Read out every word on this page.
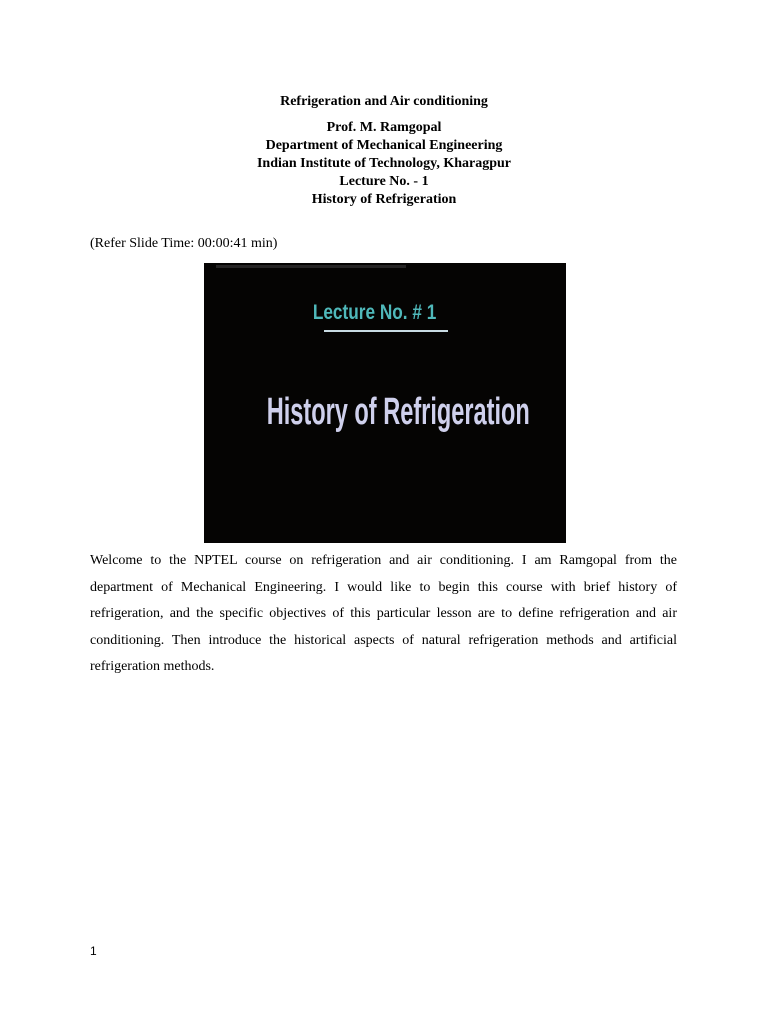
Refrigeration and Air conditioning
Prof. M. Ramgopal
Department of Mechanical Engineering
Indian Institute of Technology, Kharagpur
Lecture No. - 1
History of Refrigeration
(Refer Slide Time: 00:00:41 min)
Lecture No. # 1
History of Refrigeration
Welcome to the NPTEL course on refrigeration and air conditioning. I am Ramgopal from the department of Mechanical Engineering. I would like to begin this course with brief history of refrigeration, and the specific objectives of this particular lesson are to define refrigeration and air conditioning. Then introduce the historical aspects of natural refrigeration methods and artificial refrigeration methods.
1
